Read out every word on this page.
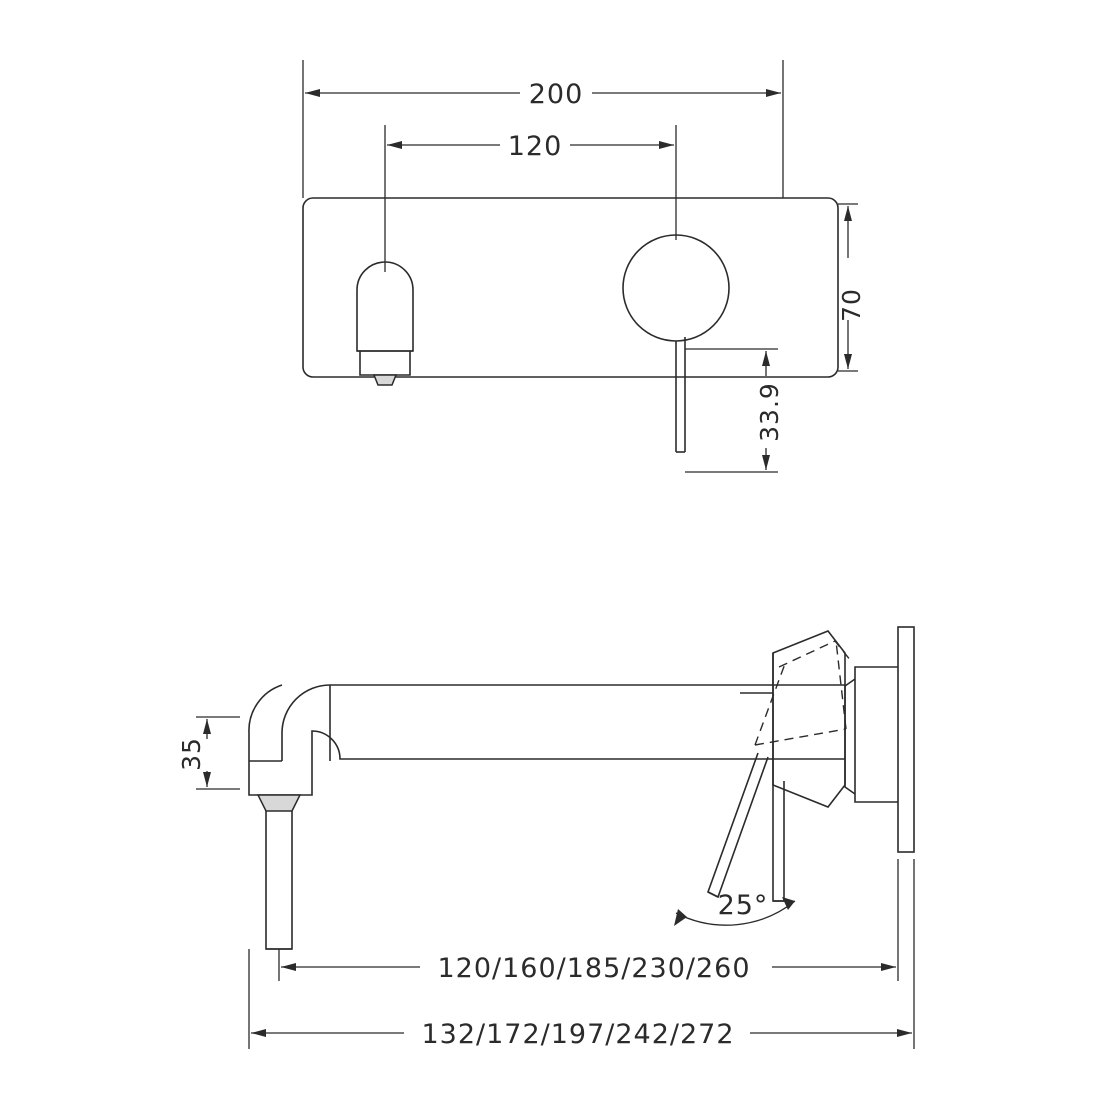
70
33.9
200
120
25°
35
120/160/185/230/260
132/172/197/242/272
